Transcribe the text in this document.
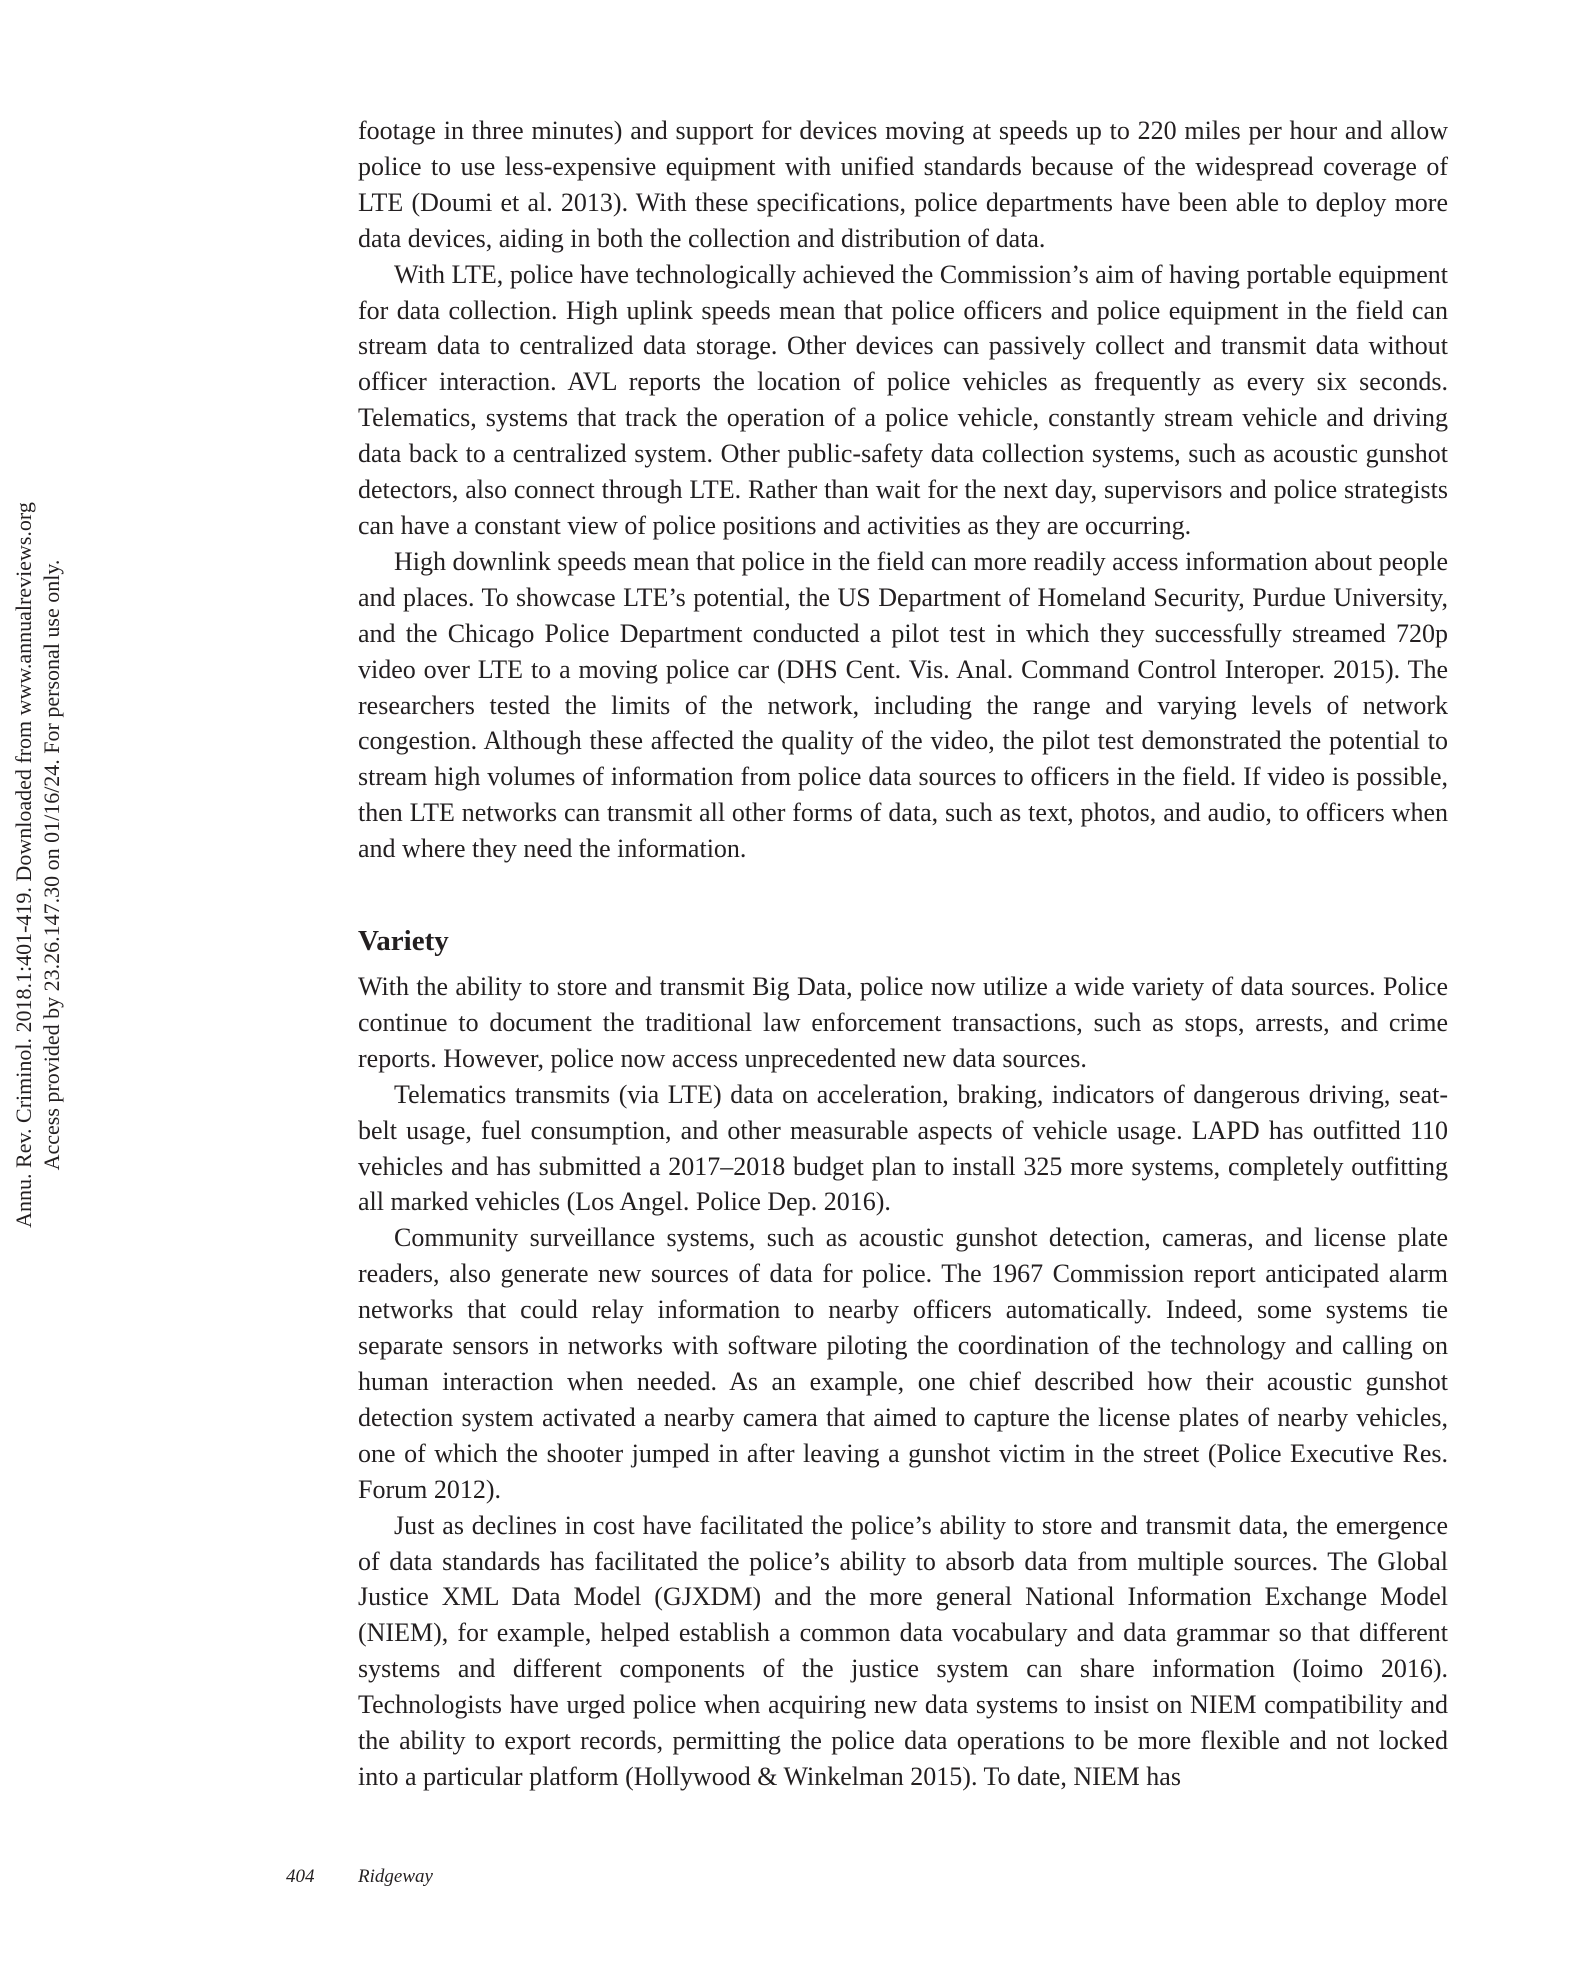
Annu. Rev. Criminol. 2018.1:401-419. Downloaded from www.annualreviews.org Access provided by 23.26.147.30 on 01/16/24. For personal use only.

footage in three minutes) and support for devices moving at speeds up to 220 miles per hour and allow police to use less-expensive equipment with unified standards because of the widespread coverage of LTE (Doumi et al. 2013). With these specifications, police departments have been able to deploy more data devices, aiding in both the collection and distribution of data.

With LTE, police have technologically achieved the Commission’s aim of having portable equipment for data collection. High uplink speeds mean that police officers and police equipment in the field can stream data to centralized data storage. Other devices can passively collect and transmit data without officer interaction. AVL reports the location of police vehicles as frequently as every six seconds. Telematics, systems that track the operation of a police vehicle, constantly stream vehicle and driving data back to a centralized system. Other public-safety data collection systems, such as acoustic gunshot detectors, also connect through LTE. Rather than wait for the next day, supervisors and police strategists can have a constant view of police positions and activities as they are occurring.

High downlink speeds mean that police in the field can more readily access information about people and places. To showcase LTE’s potential, the US Department of Homeland Security, Purdue University, and the Chicago Police Department conducted a pilot test in which they successfully streamed 720p video over LTE to a moving police car (DHS Cent. Vis. Anal. Command Control Interoper. 2015). The researchers tested the limits of the network, including the range and varying levels of network congestion. Although these affected the quality of the video, the pilot test demonstrated the potential to stream high volumes of information from police data sources to officers in the field. If video is possible, then LTE networks can transmit all other forms of data, such as text, photos, and audio, to officers when and where they need the information.

Variety

With the ability to store and transmit Big Data, police now utilize a wide variety of data sources. Police continue to document the traditional law enforcement transactions, such as stops, arrests, and crime reports. However, police now access unprecedented new data sources.

Telematics transmits (via LTE) data on acceleration, braking, indicators of dangerous driving, seat-belt usage, fuel consumption, and other measurable aspects of vehicle usage. LAPD has outfitted 110 vehicles and has submitted a 2017–2018 budget plan to install 325 more systems, completely outfitting all marked vehicles (Los Angel. Police Dep. 2016).

Community surveillance systems, such as acoustic gunshot detection, cameras, and license plate readers, also generate new sources of data for police. The 1967 Commission report anticipated alarm networks that could relay information to nearby officers automatically. Indeed, some systems tie separate sensors in networks with software piloting the coordination of the technology and calling on human interaction when needed. As an example, one chief described how their acoustic gunshot detection system activated a nearby camera that aimed to capture the license plates of nearby vehicles, one of which the shooter jumped in after leaving a gunshot victim in the street (Police Executive Res. Forum 2012).

Just as declines in cost have facilitated the police’s ability to store and transmit data, the emergence of data standards has facilitated the police’s ability to absorb data from multiple sources. The Global Justice XML Data Model (GJXDM) and the more general National Information Exchange Model (NIEM), for example, helped establish a common data vocabulary and data grammar so that different systems and different components of the justice system can share information (Ioimo 2016). Technologists have urged police when acquiring new data systems to insist on NIEM compatibility and the ability to export records, permitting the police data operations to be more flexible and not locked into a particular platform (Hollywood & Winkelman 2015). To date, NIEM has

404 Ridgeway
